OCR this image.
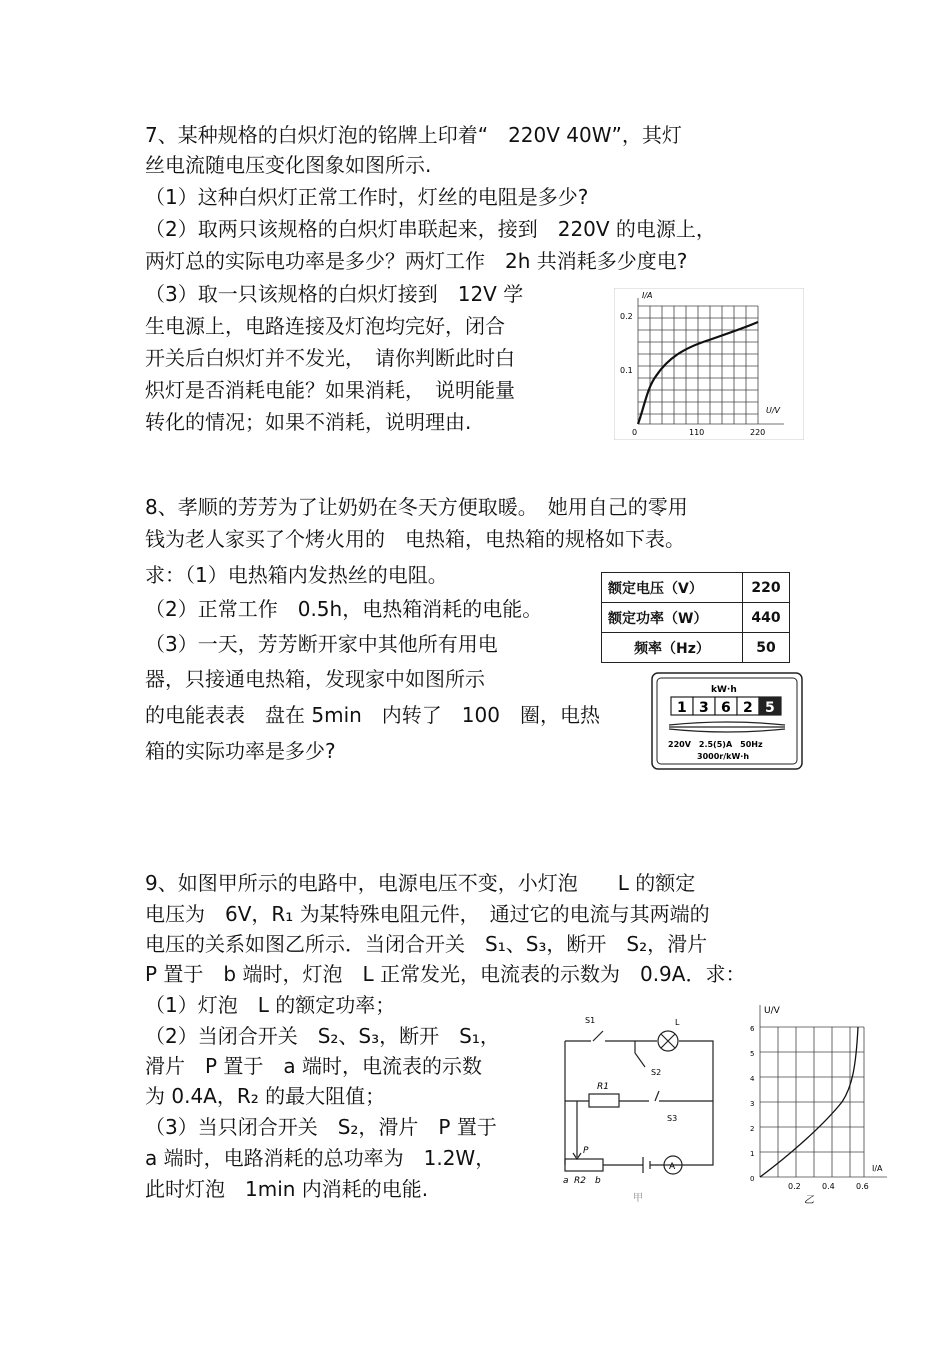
7、某种规格的白炽灯泡的铭牌上印着“　220V 40W”，其灯
丝电流随电压变化图象如图所示.
（1）这种白炽灯正常工作时，灯丝的电阻是多少?
（2）取两只该规格的白炽灯串联起来，接到　220V 的电源上，
两灯总的实际电功率是多少？两灯工作　2h 共消耗多少度电?
（3）取一只该规格的白炽灯接到　12V 学
生电源上，电路连接及灯泡均完好，闭合
开关后白炽灯并不发光，　请你判断此时白
炽灯是否消耗电能？如果消耗，　说明能量
转化的情况；如果不消耗，说明理由.
I/A
U/V
0.2
0.1
0	110	220
8、孝顺的芳芳为了让奶奶在冬天方便取暖。　她用自己的零用
钱为老人家买了个烤火用的　电热箱，电热箱的规格如下表。
求：（1）电热箱内发热丝的电阻。
（2）正常工作　0.5h，电热箱消耗的电能。
（3）一天，芳芳断开家中其他所有用电
器，只接通电热箱，发现家中如图所示
的电能表表　盘在 5min　内转了　100　圈，电热
箱的实际功率是多少?
额定电压（V）	220
额定功率（W）	440
频率（Hz）	50
kW·h
1 3 6 2 5
220V　2.5(5)A　50Hz
3000r/kW·h
9、如图甲所示的电路中，电源电压不变，小灯泡　　L 的额定
电压为　6V，R₁ 为某特殊电阻元件，　通过它的电流与其两端的
电压的关系如图乙所示．当闭合开关　S₁、S₃，断开　S₂，滑片
P 置于　b 端时，灯泡　L 正常发光，电流表的示数为　0.9A．求：
（1）灯泡　L 的额定功率；
（2）当闭合开关　S₂、S₃，断开　S₁，
滑片　P 置于　a 端时，电流表的示数
为 0.4A，R₂ 的最大阻值；
（3）当只闭合开关　S₂，滑片　P 置于
a 端时，电路消耗的总功率为　1.2W，
此时灯泡　1min 内消耗的电能.
S1	L
S2
R1
S3
P
a R2 b
A
甲
U/V
6
5
4
3
2
1
0
I/A
0.2	0.4	0.6
乙
